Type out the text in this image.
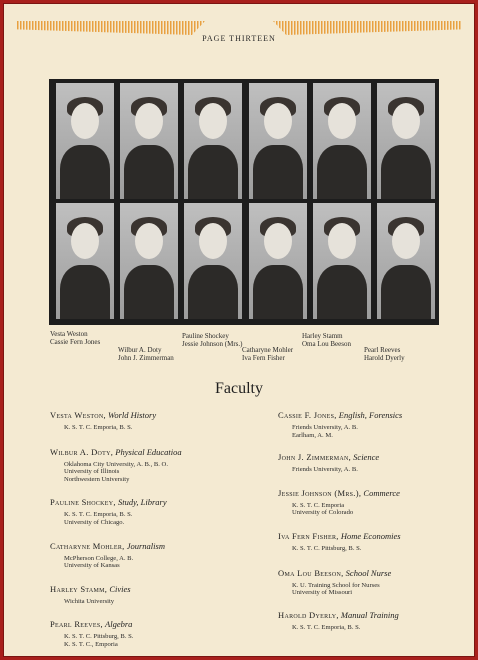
PAGE THIRTEEN
Vesta Weston
Cassie Fern Jones
Wilbur A. Doty
John J. Zimmerman
Pauline Shockey
Jessie Johnson (Mrs.)
Catharyne Mohler
Iva Fern Fisher
Harley Stamm
Oma Lou Beeson
Pearl Reeves
Harold Dyerly
Faculty
Vesta Weston, World History
K. S. T. C. Emporia, B. S.
Wilbur A. Doty, Physical Educatioa
Oklahoma City University, A. B., B. O.
University of Illinois
Northwestern University
Pauline Shockey, Study, Library
K. S. T. C. Emporia, B. S.
University of Chicago.
Catharyne Mohler, Journalism
McPherson College, A. B.
University of Kansas
Harley Stamm, Civies
Wichita University
Pearl Reeves, Algebra
K. S. T. C. Pittsburg, B. S.
K. S. T. C., Emporia
Cassie F. Jones, English, Forensics
Friends University, A. B.
Earlham, A. M.
John J. Zimmerman, Science
Friends University, A. B.
Jessie Johnson (Mrs.), Commerce
K. S. T. C. Emporia
University of Colorado
Iva Fern Fisher, Home Economies
K. S. T. C. Pittsburg, B. S.
Oma Lou Beeson, School Nurse
K. U. Training School for Nurses
University of Missouri
Harold Dyerly, Manual Training
K. S. T. C. Emporia, B. S.
